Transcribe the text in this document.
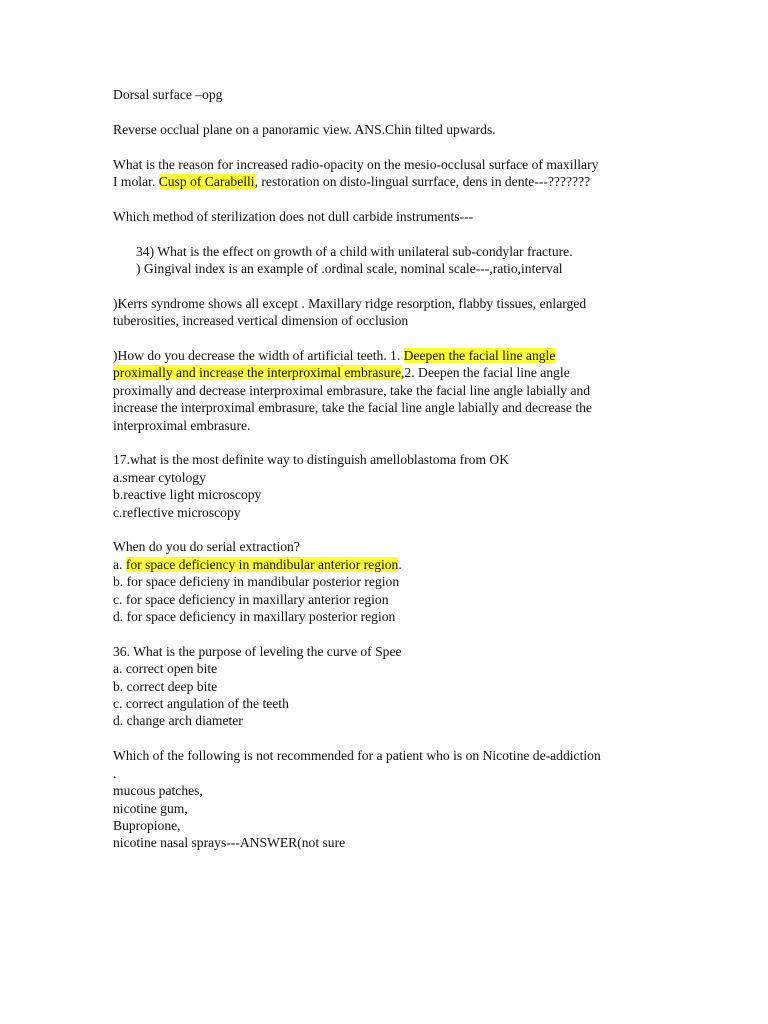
Dorsal surface –opg

Reverse occlual plane on a panoramic view. ANS.Chin tilted upwards.

What is the reason for increased radio-opacity on the mesio-occlusal surface of maxillary
I molar. Cusp of Carabelli, restoration on disto-lingual surrface, dens in dente---???????

Which method of sterilization does not dull carbide instruments---

34) What is the effect on growth of a child with unilateral sub-condylar fracture.
) Gingival index is an example of .ordinal scale, nominal scale---,ratio,interval

)Kerrs syndrome shows all except . Maxillary ridge resorption, flabby tissues, enlarged
tuberosities, increased vertical dimension of occlusion

)How do you decrease the width of artificial teeth. 1. Deepen the facial line angle
proximally and increase the interproximal embrasure,2. Deepen the facial line angle
proximally and decrease interproximal embrasure, take the facial line angle labially and
increase the interproximal embrasure, take the facial line angle labially and decrease the
interproximal embrasure.

17.what is the most definite way to distinguish amelloblastoma from OK
a.smear cytology
b.reactive light microscopy
c.reflective microscopy

When do you do serial extraction?
a. for space deficiency in mandibular anterior region.
b. for space deficieny in mandibular posterior region
c. for space deficiency in maxillary anterior region
d. for space deficiency in maxillary posterior region

36. What is the purpose of leveling the curve of Spee
a. correct open bite
b. correct deep bite
c. correct angulation of the teeth
d. change arch diameter

Which of the following is not recommended for a patient who is on Nicotine de-addiction
.
mucous patches,
nicotine gum,
Bupropione,
nicotine nasal sprays---ANSWER(not sure
